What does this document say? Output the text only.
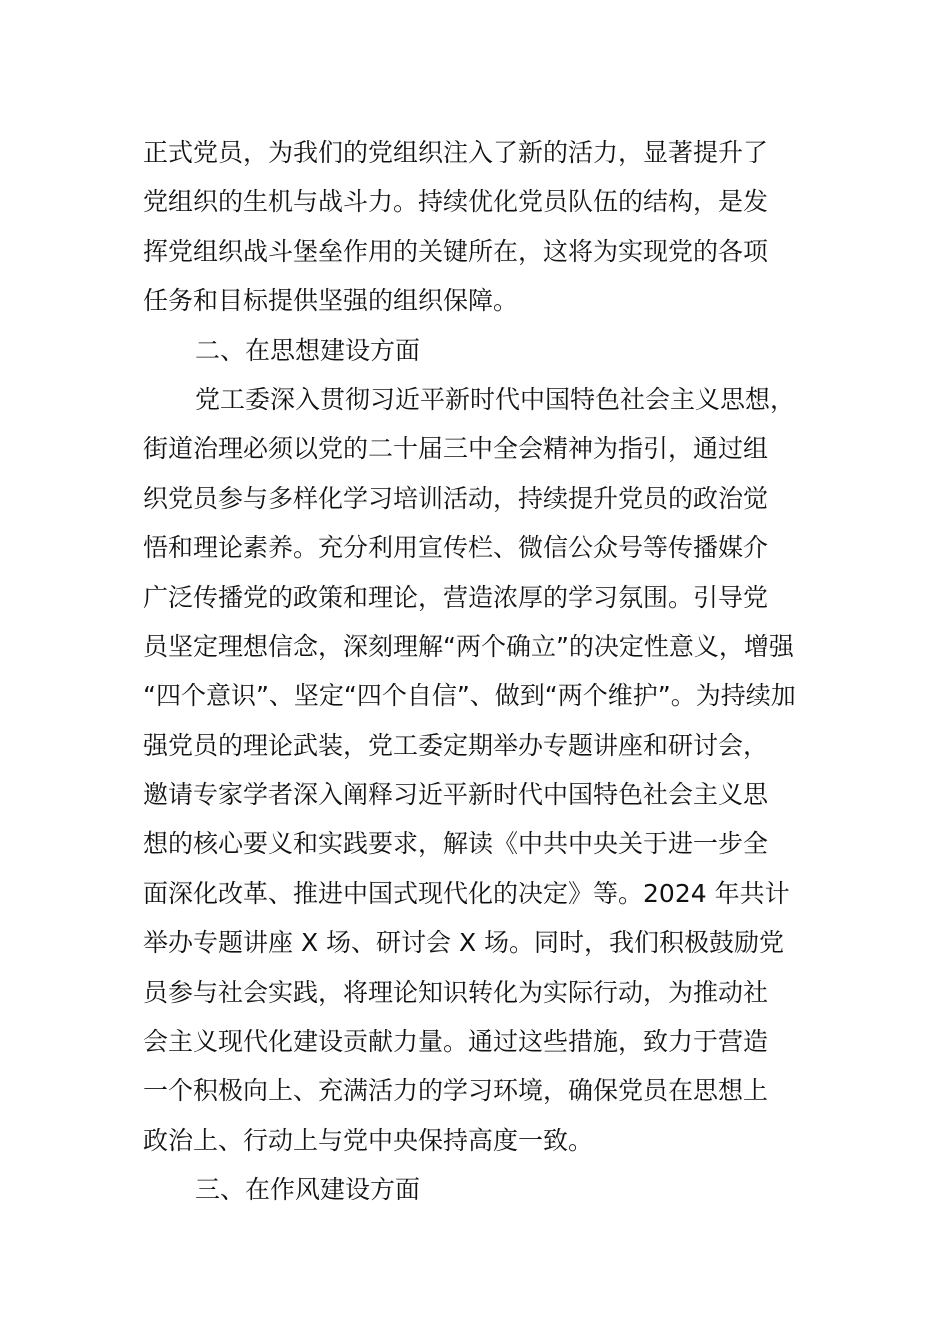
正式党员，为我们的党组织注入了新的活力，显著提升了
党组织的生机与战斗力。持续优化党员队伍的结构，是发
挥党组织战斗堡垒作用的关键所在，这将为实现党的各项
任务和目标提供坚强的组织保障。
二、在思想建设方面
党工委深入贯彻习近平新时代中国特色社会主义思想，
街道治理必须以党的二十届三中全会精神为指引，通过组
织党员参与多样化学习培训活动，持续提升党员的政治觉
悟和理论素养。充分利用宣传栏、微信公众号等传播媒介
广泛传播党的政策和理论，营造浓厚的学习氛围。引导党
员坚定理想信念，深刻理解“两个确立”的决定性意义，增强
“四个意识”、坚定“四个自信”、做到“两个维护”。为持续加
强党员的理论武装，党工委定期举办专题讲座和研讨会，
邀请专家学者深入阐释习近平新时代中国特色社会主义思
想的核心要义和实践要求，解读《中共中央关于进一步全
面深化改革、推进中国式现代化的决定》等。2024 年共计
举办专题讲座 X 场、研讨会 X 场。同时，我们积极鼓励党
员参与社会实践，将理论知识转化为实际行动，为推动社
会主义现代化建设贡献力量。通过这些措施，致力于营造
一个积极向上、充满活力的学习环境，确保党员在思想上
政治上、行动上与党中央保持高度一致。
三、在作风建设方面
